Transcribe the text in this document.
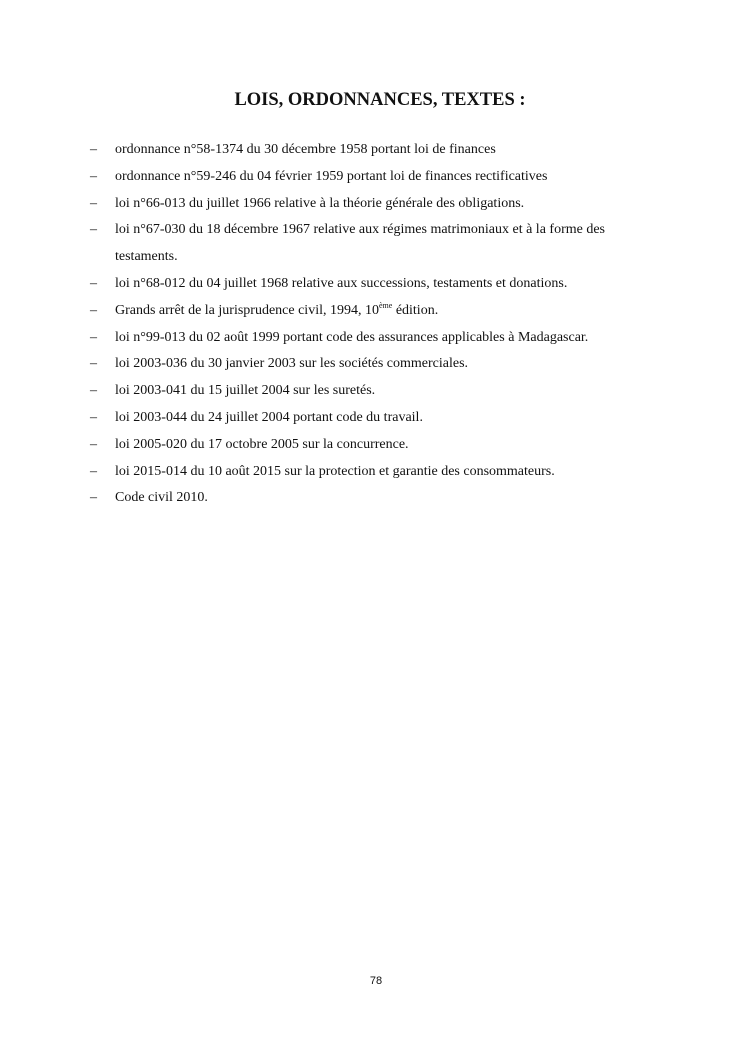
LOIS, ORDONNANCES, TEXTES :
– ordonnance n°58-1374 du 30 décembre 1958 portant loi de finances
– ordonnance n°59-246 du 04 février 1959 portant loi de finances rectificatives
– loi n°66-013 du juillet 1966 relative à la théorie générale des obligations.
– loi n°67-030 du 18 décembre 1967 relative aux régimes matrimoniaux et à la forme des testaments.
– loi n°68-012 du 04 juillet 1968 relative aux successions, testaments et donations.
– Grands arrêt de la jurisprudence civil, 1994, 10ème édition.
– loi n°99-013 du 02 août 1999 portant code des assurances applicables à Madagascar.
– loi 2003-036 du 30 janvier 2003 sur les sociétés commerciales.
– loi 2003-041 du 15 juillet 2004 sur les suretés.
– loi 2003-044 du 24 juillet 2004 portant code du travail.
– loi 2005-020 du 17 octobre 2005 sur la concurrence.
– loi 2015-014 du 10 août 2015 sur la protection et garantie des consommateurs.
– Code civil 2010.
78
